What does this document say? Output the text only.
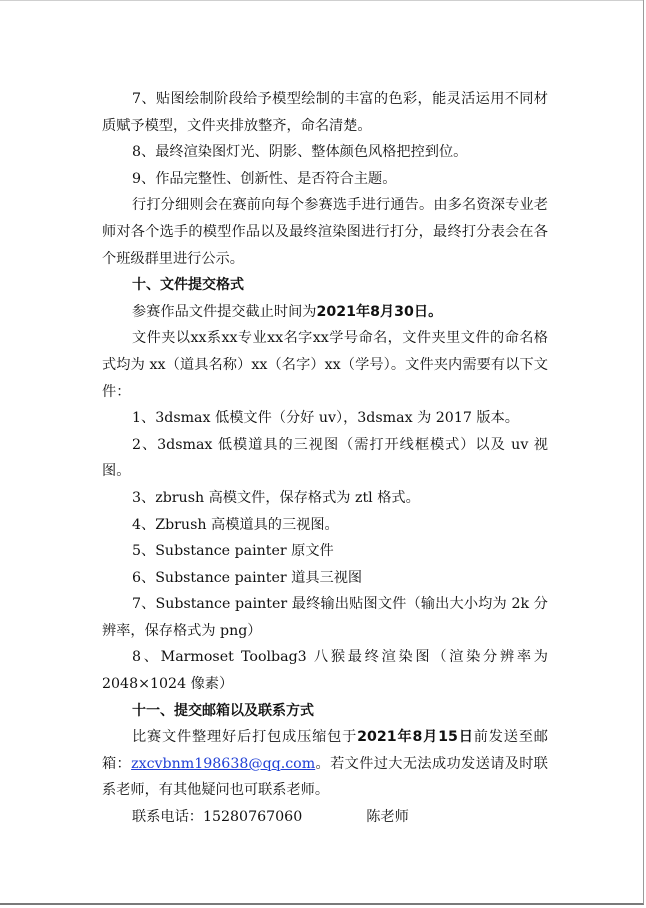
7、贴图绘制阶段给予模型绘制的丰富的色彩，能灵活运用不同材质赋予模型，文件夹排放整齐，命名清楚。

8、最终渲染图灯光、阴影、整体颜色风格把控到位。

9、作品完整性、创新性、是否符合主题。

行打分细则会在赛前向每个参赛选手进行通告。由多名资深专业老师对各个选手的模型作品以及最终渲染图进行打分，最终打分表会在各个班级群里进行公示。

十、文件提交格式

参赛作品文件提交截止时间为2021年8月30日。

文件夹以xx系xx专业xx名字xx学号命名，文件夹里文件的命名格式均为 xx（道具名称）xx（名字）xx（学号）。文件夹内需要有以下文件：

1、3dsmax 低模文件（分好 uv），3dsmax 为 2017 版本。

2、3dsmax 低模道具的三视图（需打开线框模式）以及 uv 视图。

3、zbrush 高模文件，保存格式为 ztl 格式。

4、Zbrush 高模道具的三视图。

5、Substance painter 原文件

6、Substance painter 道具三视图

7、Substance painter 最终输出贴图文件（输出大小均为 2k 分辨率，保存格式为 png）

8、Marmoset Toolbag3 八猴最终渲染图（渲染分辨率为 2048×1024 像素）

十一、提交邮箱以及联系方式

比赛文件整理好后打包成压缩包于2021年8月15日前发送至邮箱：zxcvbnm198638@qq.com。若文件过大无法成功发送请及时联系老师，有其他疑问也可联系老师。

联系电话：15280767060	陈老师
